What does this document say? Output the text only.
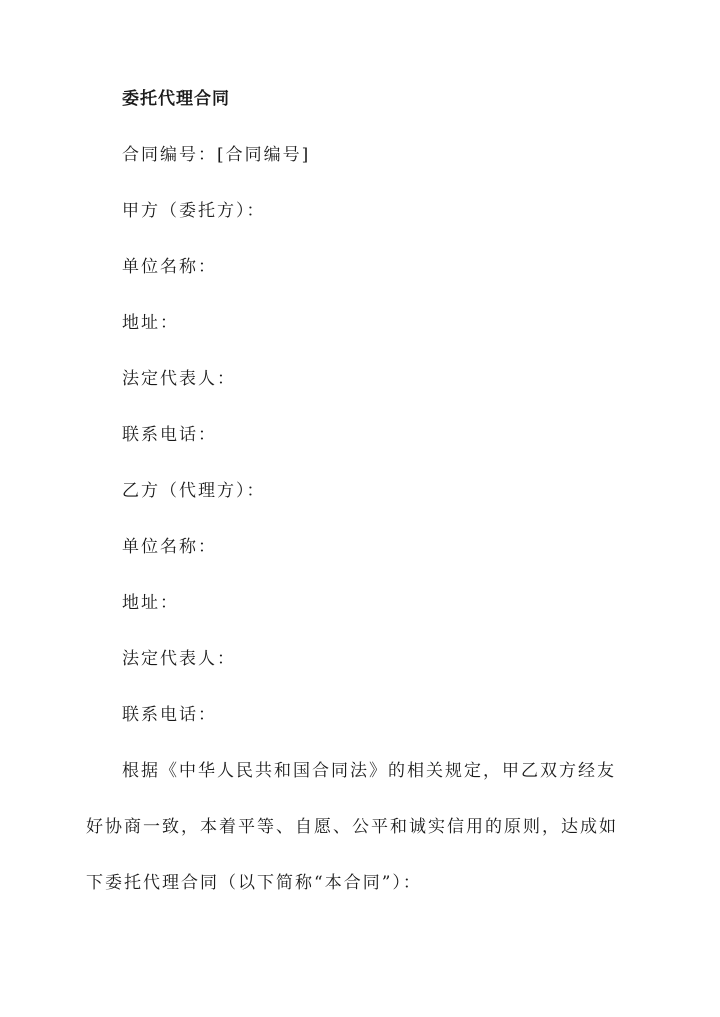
委托代理合同
合同编号：[合同编号]
甲方（委托方）：
单位名称：
地址：
法定代表人：
联系电话：
乙方（代理方）：
单位名称：
地址：
法定代表人：
联系电话：
根据《中华人民共和国合同法》的相关规定，甲乙双方经友好协商一致，本着平等、自愿、公平和诚实信用的原则，达成如下委托代理合同（以下简称“本合同”）：
